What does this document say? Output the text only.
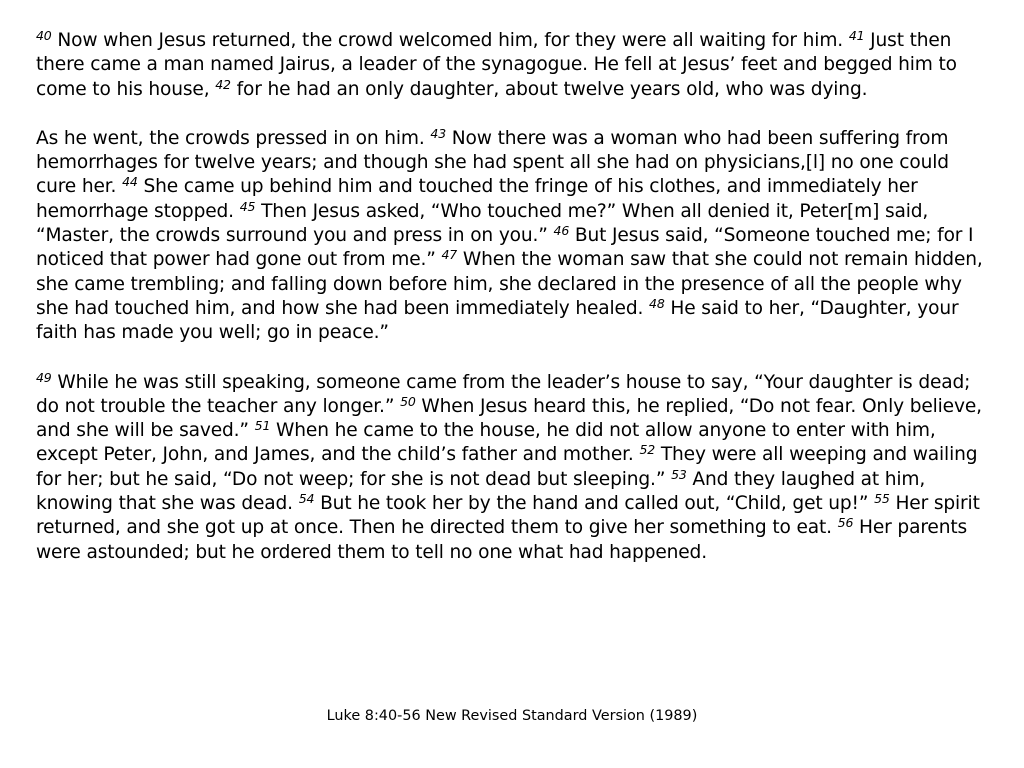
$^{40}$ Now when Jesus returned, the crowd welcomed him, for they were all waiting for him. $^{41}$ Just then there came a man named Jairus, a leader of the synagogue. He fell at Jesus’ feet and begged him to come to his house, $^{42}$ for he had an only daughter, about twelve years old, who was dying.

As he went, the crowds pressed in on him. $^{43}$ Now there was a woman who had been suffering from hemorrhages for twelve years; and though she had spent all she had on physicians,[l] no one could cure her. $^{44}$ She came up behind him and touched the fringe of his clothes, and immediately her hemorrhage stopped. $^{45}$ Then Jesus asked, “Who touched me?” When all denied it, Peter[m] said, “Master, the crowds surround you and press in on you.” $^{46}$ But Jesus said, “Someone touched me; for I noticed that power had gone out from me.” $^{47}$ When the woman saw that she could not remain hidden, she came trembling; and falling down before him, she declared in the presence of all the people why she had touched him, and how she had been immediately healed. $^{48}$ He said to her, “Daughter, your faith has made you well; go in peace.”

$^{49}$ While he was still speaking, someone came from the leader’s house to say, “Your daughter is dead; do not trouble the teacher any longer.” $^{50}$ When Jesus heard this, he replied, “Do not fear. Only believe, and she will be saved.” $^{51}$ When he came to the house, he did not allow anyone to enter with him, except Peter, John, and James, and the child’s father and mother. $^{52}$ They were all weeping and wailing for her; but he said, “Do not weep; for she is not dead but sleeping.” $^{53}$ And they laughed at him, knowing that she was dead. $^{54}$ But he took her by the hand and called out, “Child, get up!” $^{55}$ Her spirit returned, and she got up at once. Then he directed them to give her something to eat. $^{56}$ Her parents were astounded; but he ordered them to tell no one what had happened.

Luke 8:40-56 New Revised Standard Version (1989)
